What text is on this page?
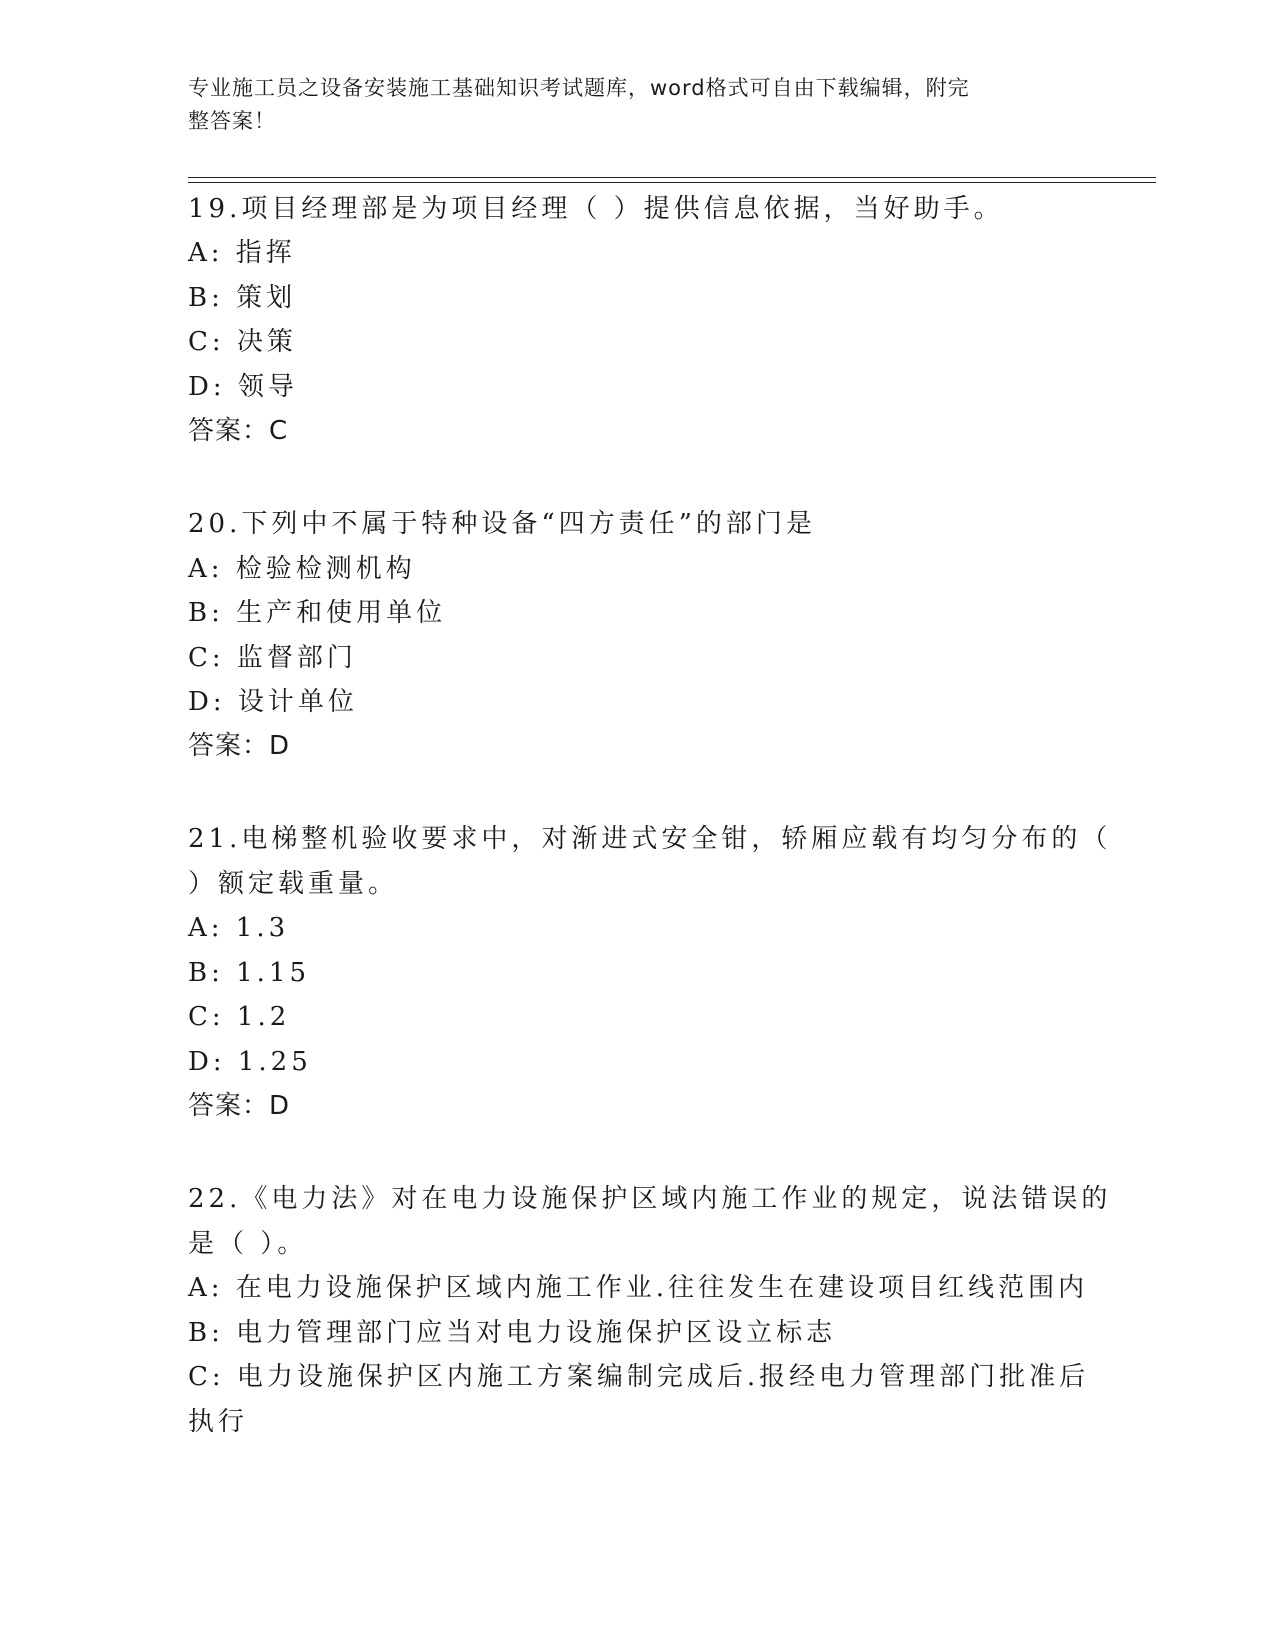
专业施工员之设备安装施工基础知识考试题库，word格式可自由下载编辑，附完
整答案！
19.项目经理部是为项目经理（ ）提供信息依据，当好助手。
A: 指挥
B: 策划
C: 决策
D: 领导
答案：C
20.下列中不属于特种设备“四方责任”的部门是
A: 检验检测机构
B: 生产和使用单位
C: 监督部门
D: 设计单位
答案：D
21.电梯整机验收要求中，对渐进式安全钳，轿厢应载有均匀分布的（
）额定载重量。
A: 1.3
B: 1.15
C: 1.2
D: 1.25
答案：D
22.《电力法》对在电力设施保护区域内施工作业的规定，说法错误的
是（ ）。
A: 在电力设施保护区域内施工作业.往往发生在建设项目红线范围内
B: 电力管理部门应当对电力设施保护区设立标志
C: 电力设施保护区内施工方案编制完成后.报经电力管理部门批准后
执行
